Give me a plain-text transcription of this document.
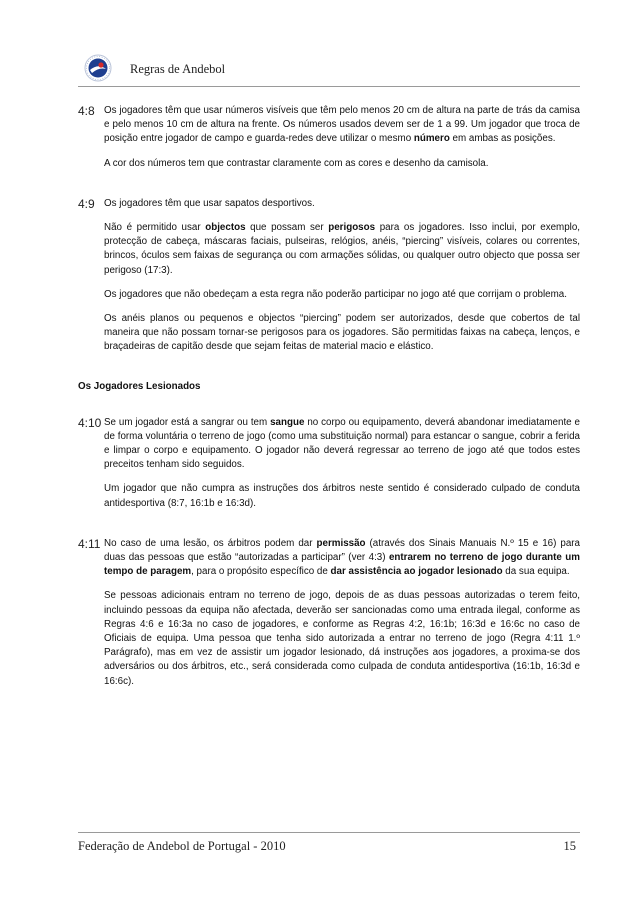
Regras de Andebol
4:8 Os jogadores têm que usar números visíveis que têm pelo menos 20 cm de altura na parte de trás da camisa e pelo menos 10 cm de altura na frente. Os números usados devem ser de 1 a 99. Um jogador que troca de posição entre jogador de campo e guarda-redes deve utilizar o mesmo número em ambas as posições.

A cor dos números tem que contrastar claramente com as cores e desenho da camisola.

4:9 Os jogadores têm que usar sapatos desportivos.

Não é permitido usar objectos que possam ser perigosos para os jogadores. Isso inclui, por exemplo, protecção de cabeça, máscaras faciais, pulseiras, relógios, anéis, “piercing” visíveis, colares ou correntes, brincos, óculos sem faixas de segurança ou com armações sólidas, ou qualquer outro objecto que possa ser perigoso (17:3).

Os jogadores que não obedeçam a esta regra não poderão participar no jogo até que corrijam o problema.

Os anéis planos ou pequenos e objectos “piercing” podem ser autorizados, desde que cobertos de tal maneira que não possam tornar-se perigosos para os jogadores. São permitidas faixas na cabeça, lenços, e braçadeiras de capitão desde que sejam feitas de material macio e elástico.

Os Jogadores Lesionados
4:10 Se um jogador está a sangrar ou tem sangue no corpo ou equipamento, deverá abandonar imediatamente e de forma voluntária o terreno de jogo (como uma substituição normal) para estancar o sangue, cobrir a ferida e limpar o corpo e equipamento. O jogador não deverá regressar ao terreno de jogo até que todos estes preceitos tenham sido seguidos.

Um jogador que não cumpra as instruções dos árbitros neste sentido é considerado culpado de conduta antidesportiva (8:7, 16:1b e 16:3d).

4:11 No caso de uma lesão, os árbitros podem dar permissão (através dos Sinais Manuais N.º 15 e 16) para duas das pessoas que estão “autorizadas a participar” (ver 4:3) entrarem no terreno de jogo durante um tempo de paragem, para o propósito específico de dar assistência ao jogador lesionado da sua equipa.

Se pessoas adicionais entram no terreno de jogo, depois de as duas pessoas autorizadas o terem feito, incluindo pessoas da equipa não afectada, deverão ser sancionadas como uma entrada ilegal, conforme as Regras 4:6 e 16:3a no caso de jogadores, e conforme as Regras 4:2, 16:1b; 16:3d e 16:6c no caso de Oficiais de equipa. Uma pessoa que tenha sido autorizada a entrar no terreno de jogo (Regra 4:11 1.º Parágrafo), mas em vez de assistir um jogador lesionado, dá instruções aos jogadores, a proxima-se dos adversários ou dos árbitros, etc., será considerada como culpada de conduta antidesportiva (16:1b, 16:3d e 16:6c).

Federação de Andebol de Portugal - 2010	15
